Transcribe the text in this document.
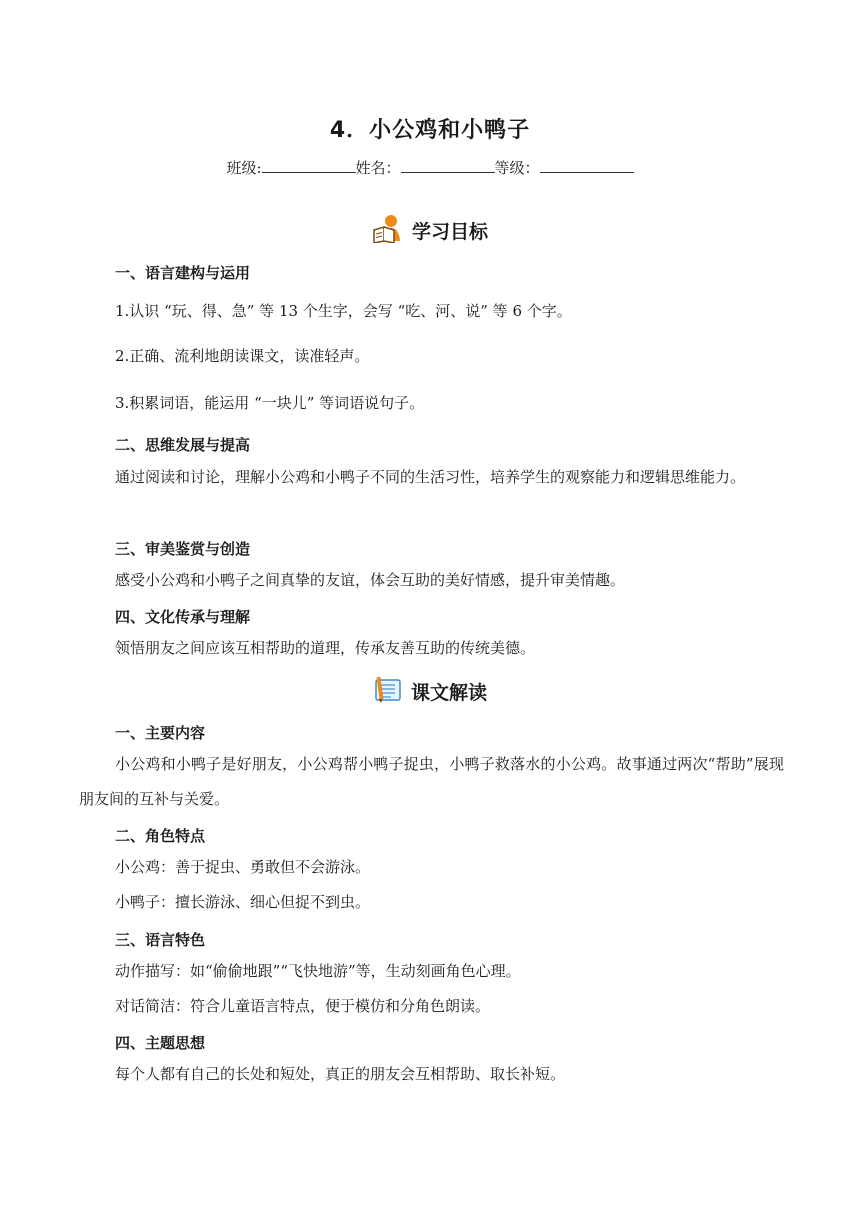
4．小公鸡和小鸭子
班级:	姓名：	等级：
学习目标
一、语言建构与运用
1.认识 “玩、得、急” 等 13 个生字，会写 “吃、河、说” 等 6 个字。
2.正确、流利地朗读课文，读准轻声。
3.积累词语，能运用 “一块儿” 等词语说句子。
二、思维发展与提高
通过阅读和讨论，理解小公鸡和小鸭子不同的生活习性，培养学生的观察能力和逻辑思维能力。
三、审美鉴赏与创造
感受小公鸡和小鸭子之间真挚的友谊，体会互助的美好情感，提升审美情趣。
四、文化传承与理解
领悟朋友之间应该互相帮助的道理，传承友善互助的传统美德。
课文解读
一、主要内容
小公鸡和小鸭子是好朋友，小公鸡帮小鸭子捉虫，小鸭子救落水的小公鸡。故事通过两次“帮助”展现朋友间的互补与关爱。
二、角色特点
小公鸡：善于捉虫、勇敢但不会游泳。
小鸭子：擅长游泳、细心但捉不到虫。
三、语言特色
动作描写：如“偷偷地跟”“飞快地游”等，生动刻画角色心理。
对话简洁：符合儿童语言特点，便于模仿和分角色朗读。
四、主题思想
每个人都有自己的长处和短处，真正的朋友会互相帮助、取长补短。
